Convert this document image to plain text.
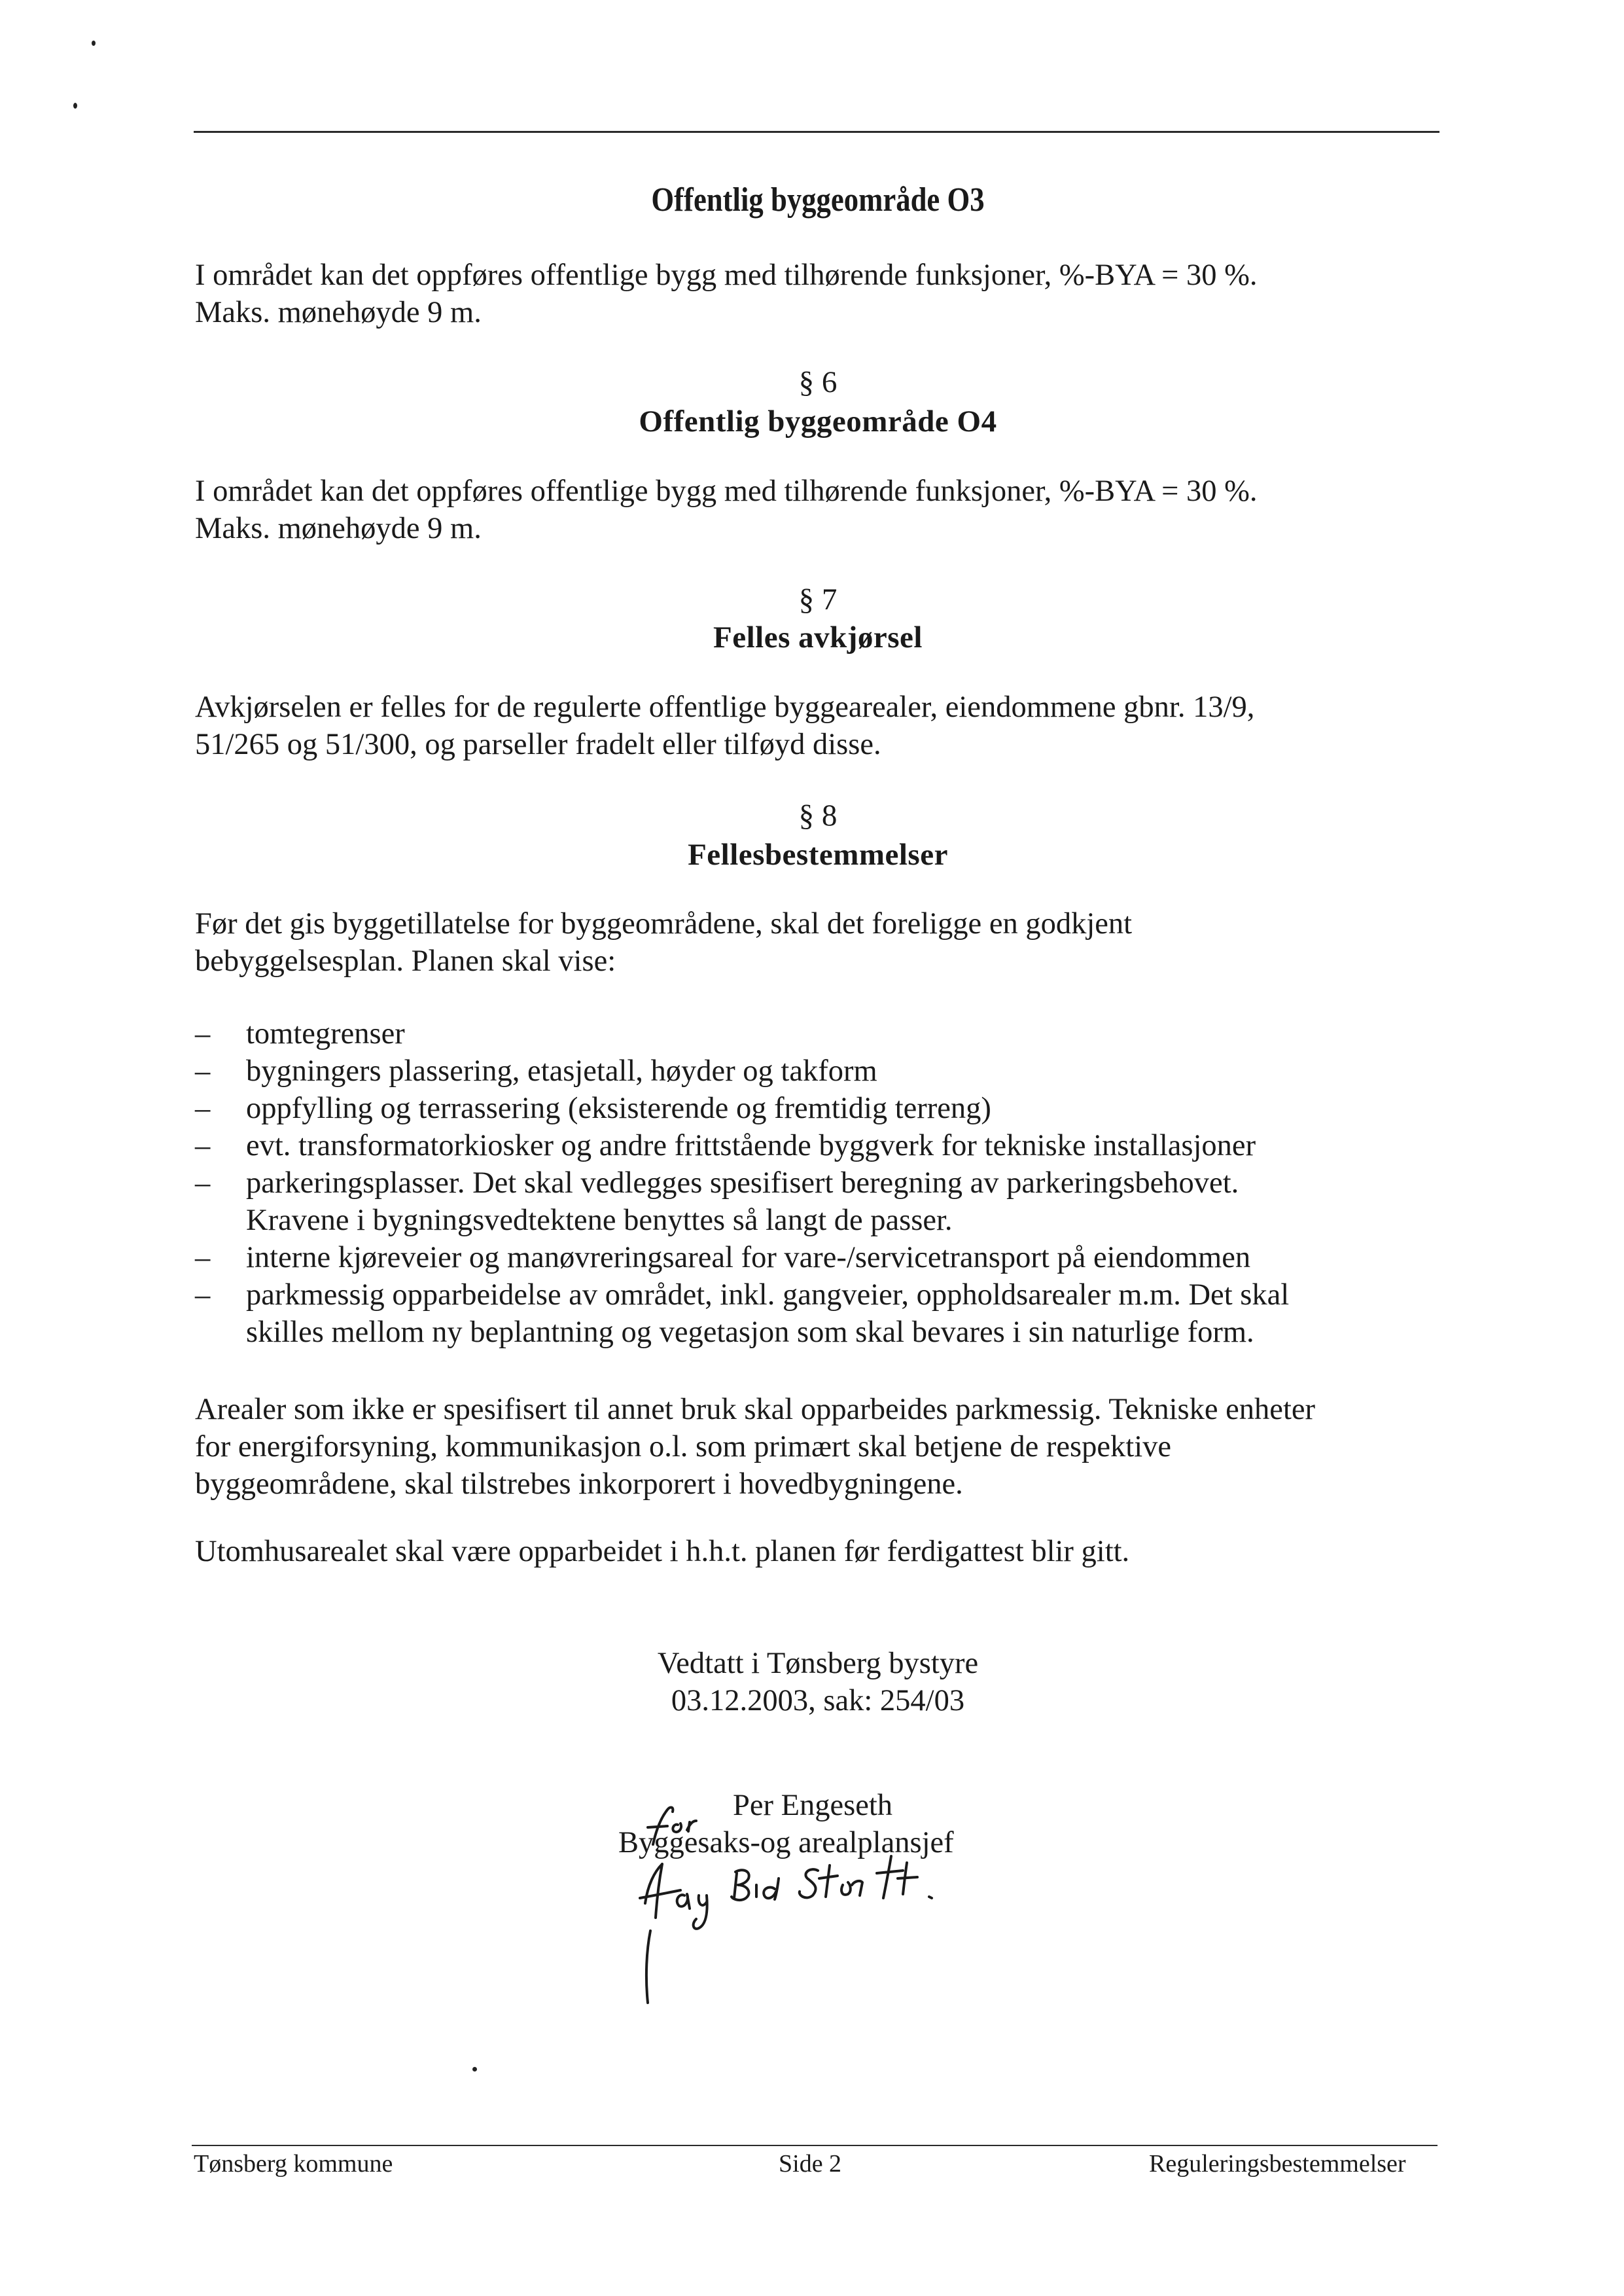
Offentlig byggeområde O3

I området kan det oppføres offentlige bygg med tilhørende funksjoner, %-BYA = 30 %.
Maks. mønehøyde 9 m.

§ 6
Offentlig byggeområde O4

I området kan det oppføres offentlige bygg med tilhørende funksjoner, %-BYA = 30 %.
Maks. mønehøyde 9 m.

§ 7
Felles avkjørsel

Avkjørselen er felles for de regulerte offentlige byggearealer, eiendommene gbnr. 13/9,
51/265 og 51/300, og parseller fradelt eller tilføyd disse.

§ 8
Fellesbestemmelser

Før det gis byggetillatelse for byggeområdene, skal det foreligge en godkjent
bebyggelsesplan. Planen skal vise:

– tomtegrenser
– bygningers plassering, etasjetall, høyder og takform
– oppfylling og terrassering (eksisterende og fremtidig terreng)
– evt. transformatorkiosker og andre frittstående byggverk for tekniske installasjoner
– parkeringsplasser. Det skal vedlegges spesifisert beregning av parkeringsbehovet.
Kravene i bygningsvedtektene benyttes så langt de passer.
– interne kjøreveier og manøvreringsareal for vare-/servicetransport på eiendommen
– parkmessig opparbeidelse av området, inkl. gangveier, oppholdsarealer m.m. Det skal
skilles mellom ny beplantning og vegetasjon som skal bevares i sin naturlige form.

Arealer som ikke er spesifisert til annet bruk skal opparbeides parkmessig. Tekniske enheter
for energiforsyning, kommunikasjon o.l. som primært skal betjene de respektive
byggeområdene, skal tilstrebes inkorporert i hovedbygningene.

Utomhusarealet skal være opparbeidet i h.h.t. planen før ferdigattest blir gitt.

Vedtatt i Tønsberg bystyre
03.12.2003, sak: 254/03
Per Engeseth
Byggesaks-og arealplansjef
Tønsberg kommune	Side 2	Reguleringsbestemmelser
